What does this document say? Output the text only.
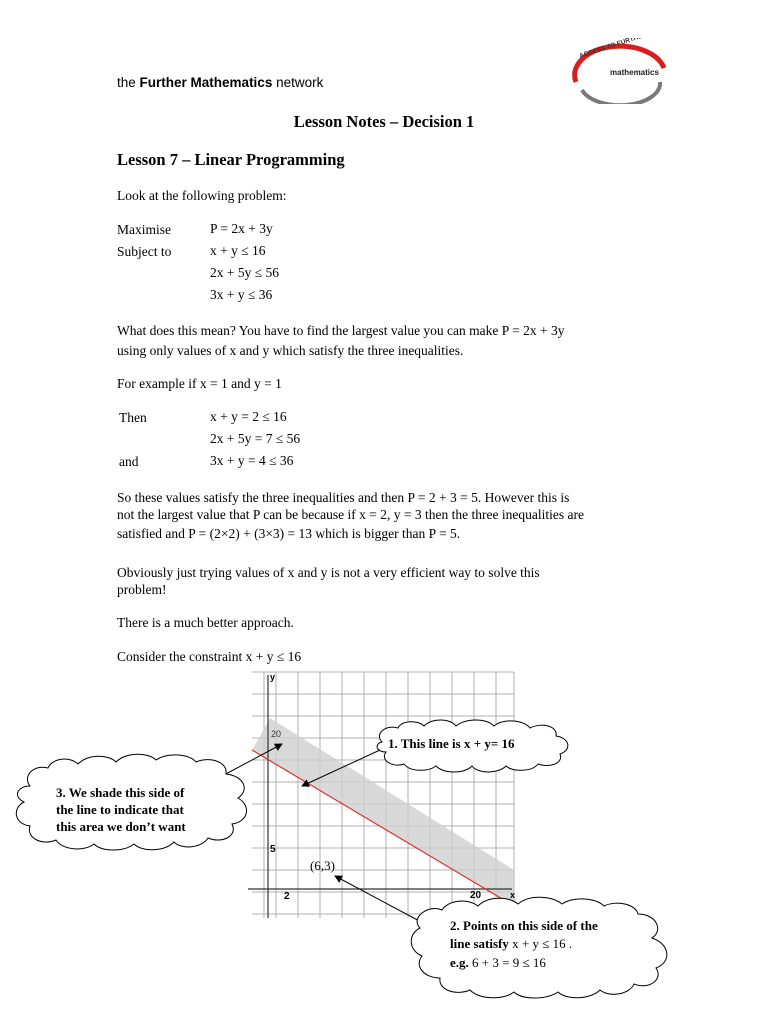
the Further Mathematics network
ACCESS TO FURTHER
mathematics
Lesson Notes – Decision 1
Lesson 7 – Linear Programming
Look at the following problem:
Maximise	P = 2x + 3y
Subject to	x + y ≤ 16
2x + 5y ≤ 56
3x + y ≤ 36
What does this mean? You have to find the largest value you can make P = 2x + 3y
using only values of x and y which satisfy the three inequalities.
For example if x = 1 and y = 1
Then	x + y = 2 ≤ 16
2x + 5y = 7 ≤ 56
and	3x + y = 4 ≤ 36
So these values satisfy the three inequalities and then P = 2 + 3 = 5. However this is
not the largest value that P can be because if x = 2, y = 3 then the three inequalities are
satisfied and P = (2×2) + (3×3) = 13 which is bigger than P = 5.
Obviously just trying values of x and y is not a very efficient way to solve this
problem!
There is a much better approach.
Consider the constraint x + y ≤ 16
y
x
20
5
2	20
(6,3)
1. This line is x + y= 16
2. Points on this side of the
line satisfy x + y ≤ 16 .
e.g. 6 + 3 = 9 ≤ 16
3. We shade this side of
the line to indicate that
this area we don’t want
